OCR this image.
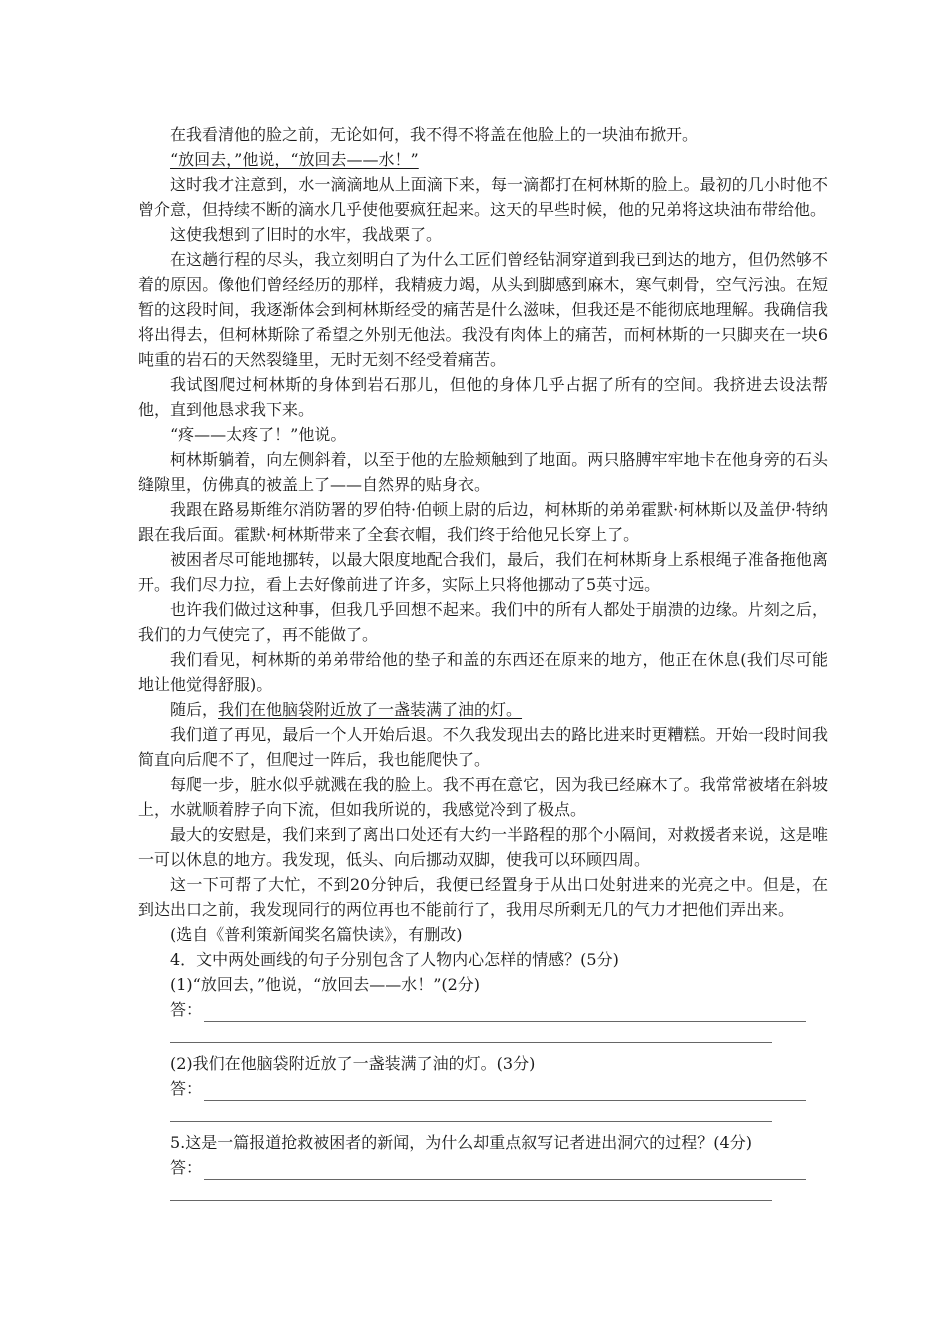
在我看清他的脸之前，无论如何，我不得不将盖在他脸上的一块油布掀开。

“放回去，”他说，“放回去——水！”

这时我才注意到，水一滴滴地从上面滴下来，每一滴都打在柯林斯的脸上。最初的几小时他不曾介意，但持续不断的滴水几乎使他要疯狂起来。这天的早些时候，他的兄弟将这块油布带给他。

这使我想到了旧时的水牢，我战栗了。

在这趟行程的尽头，我立刻明白了为什么工匠们曾经钻洞穿道到我已到达的地方，但仍然够不着的原因。像他们曾经经历的那样，我精疲力竭，从头到脚感到麻木，寒气刺骨，空气污浊。在短暂的这段时间，我逐渐体会到柯林斯经受的痛苦是什么滋味，但我还是不能彻底地理解。我确信我将出得去，但柯林斯除了希望之外别无他法。我没有肉体上的痛苦，而柯林斯的一只脚夹在一块6吨重的岩石的天然裂缝里，无时无刻不经受着痛苦。

我试图爬过柯林斯的身体到岩石那儿，但他的身体几乎占据了所有的空间。我挤进去设法帮他，直到他恳求我下来。

“疼——太疼了！”他说。

柯林斯躺着，向左侧斜着，以至于他的左脸颊触到了地面。两只胳膊牢牢地卡在他身旁的石头缝隙里，仿佛真的被盖上了——自然界的贴身衣。

我跟在路易斯维尔消防署的罗伯特·伯顿上尉的后边，柯林斯的弟弟霍默·柯林斯以及盖伊·特纳跟在我后面。霍默·柯林斯带来了全套衣帽，我们终于给他兄长穿上了。

被困者尽可能地挪转，以最大限度地配合我们，最后，我们在柯林斯身上系根绳子准备拖他离开。我们尽力拉，看上去好像前进了许多，实际上只将他挪动了5英寸远。

也许我们做过这种事，但我几乎回想不起来。我们中的所有人都处于崩溃的边缘。片刻之后，我们的力气使完了，再不能做了。

我们看见，柯林斯的弟弟带给他的垫子和盖的东西还在原来的地方，他正在休息(我们尽可能地让他觉得舒服)。

随后，我们在他脑袋附近放了一盏装满了油的灯。

我们道了再见，最后一个人开始后退。不久我发现出去的路比进来时更糟糕。开始一段时间我简直向后爬不了，但爬过一阵后，我也能爬快了。

每爬一步，脏水似乎就溅在我的脸上。我不再在意它，因为我已经麻木了。我常常被堵在斜坡上，水就顺着脖子向下流，但如我所说的，我感觉冷到了极点。

最大的安慰是，我们来到了离出口处还有大约一半路程的那个小隔间，对救援者来说，这是唯一可以休息的地方。我发现，低头、向后挪动双脚，使我可以环顾四周。

这一下可帮了大忙，不到20分钟后，我便已经置身于从出口处射进来的光亮之中。但是，在到达出口之前，我发现同行的两位再也不能前行了，我用尽所剩无几的气力才把他们弄出来。

(选自《普利策新闻奖名篇快读》，有删改)

4．文中两处画线的句子分别包含了人物内心怎样的情感？(5分)

(1)“放回去，”他说，“放回去——水！”(2分)

答：

(2)我们在他脑袋附近放了一盏装满了油的灯。(3分)

答：

5.这是一篇报道抢救被困者的新闻，为什么却重点叙写记者进出洞穴的过程？(4分)

答：
